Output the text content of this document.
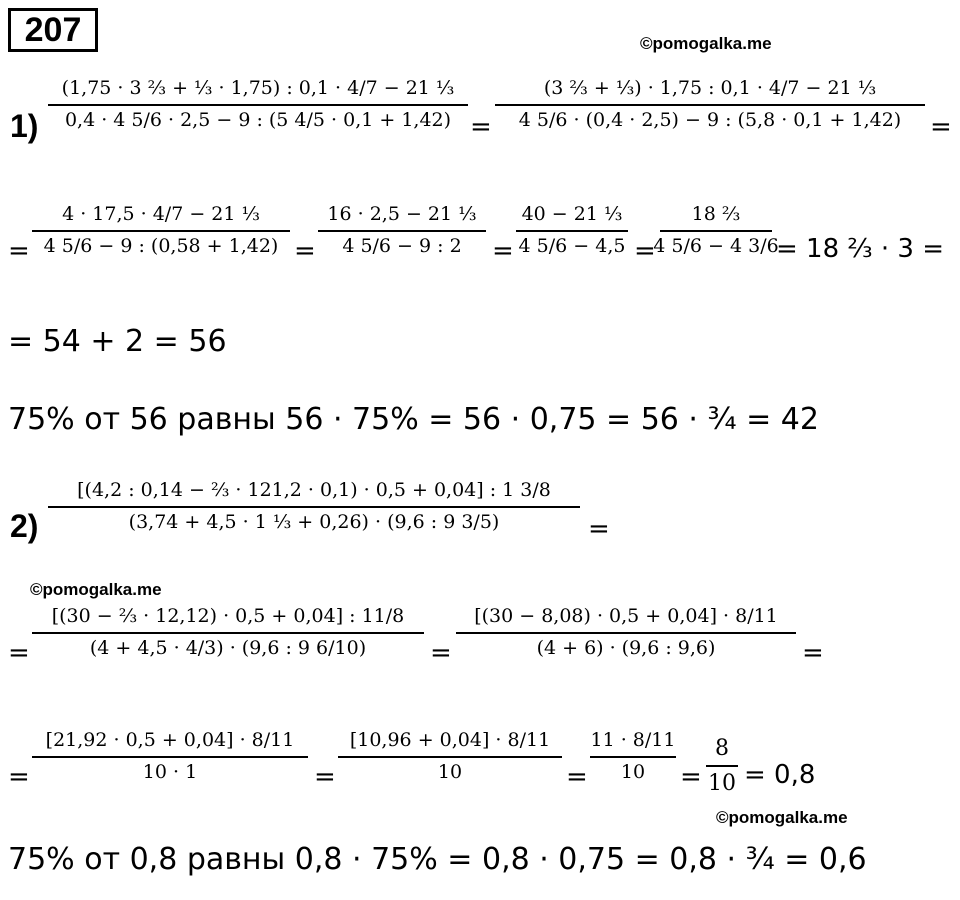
207	©pomogalka.me
1)
(1,75 · 3 ⅔ + ⅓ · 1,75) : 0,1 · 4/7 − 21 ⅓
0,4 · 4 5/6 · 2,5 − 9 : (5 4/5 · 0,1 + 1,42) =
(3 ⅔ + ⅓) · 1,75 : 0,1 · 4/7 − 21 ⅓
4 5/6 · (0,4 · 2,5) − 9 : (5,8 · 0,1 + 1,42) =
=
4 · 17,5 · 4/7 − 21 ⅓
4 5/6 − 9 : (0,58 + 1,42) =
16 · 2,5 − 21 ⅓
4 5/6 − 9 : 2 =
40 − 21 ⅓
4 5/6 − 4,5 =
18 ⅔
4 5/6 − 4 3/6
= 18 ⅔ · 3 =
= 54 + 2 = 56
75% от 56 равны 56 · 75% = 56 · 0,75 = 56 · ¾ = 42
2)
[(4,2 : 0,14 − ⅔ · 121,2 · 0,1) · 0,5 + 0,04] : 1 3/8
(3,74 + 4,5 · 1 ⅓ + 0,26) · (9,6 : 9 3/5)	=
©pomogalka.me
=
[(30 − ⅔ · 12,12) · 0,5 + 0,04] : 11/8
(4 + 4,5 · 4/3) · (9,6 : 9 6/10) =
[(30 − 8,08) · 0,5 + 0,04] · 8/11
(4 + 6) · (9,6 : 9,6)	=
=
[21,92 · 0,5 + 0,04] · 8/11
10 · 1	=
[10,96 + 0,04] · 8/11
10	=
11 · 8/11
10 =
8
10 = 0,8
©pomogalka.me
75% от 0,8 равны 0,8 · 75% = 0,8 · 0,75 = 0,8 · ¾ = 0,6
